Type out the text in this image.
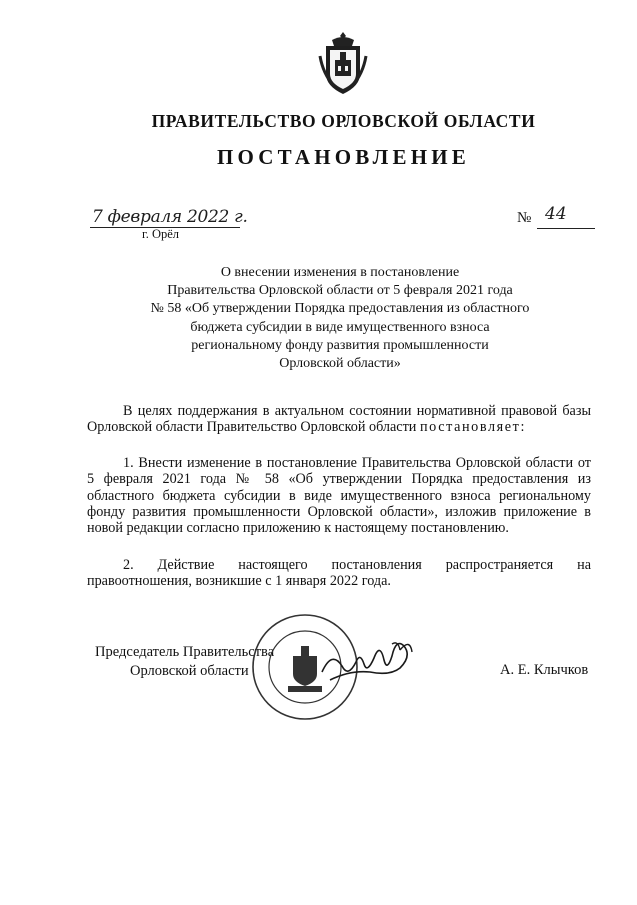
ПРАВИТЕЛЬСТВО ОРЛОВСКОЙ ОБЛАСТИ
ПОСТАНОВЛЕНИЕ
7 февраля 2022 г.
г. Орёл
№ 44
О внесении изменения в постановление
Правительства Орловской области от 5 февраля 2021 года
№ 58 «Об утверждении Порядка предоставления из областного
бюджета субсидии в виде имущественного взноса
региональному фонду развития промышленности
Орловской области»
В целях поддержания в актуальном состоянии нормативной правовой базы Орловской области Правительство Орловской области постановляет:
1. Внести изменение в постановление Правительства Орловской области от 5 февраля 2021 года № 58 «Об утверждении Порядка предоставления из областного бюджета субсидии в виде имущественного взноса региональному фонду развития промышленности Орловской области», изложив приложение в новой редакции согласно приложению к настоящему постановлению.
2. Действие настоящего постановления распространяется на правоотношения, возникшие с 1 января 2022 года.
Председатель Правительства
Орловской области	А. Е. Клычков
